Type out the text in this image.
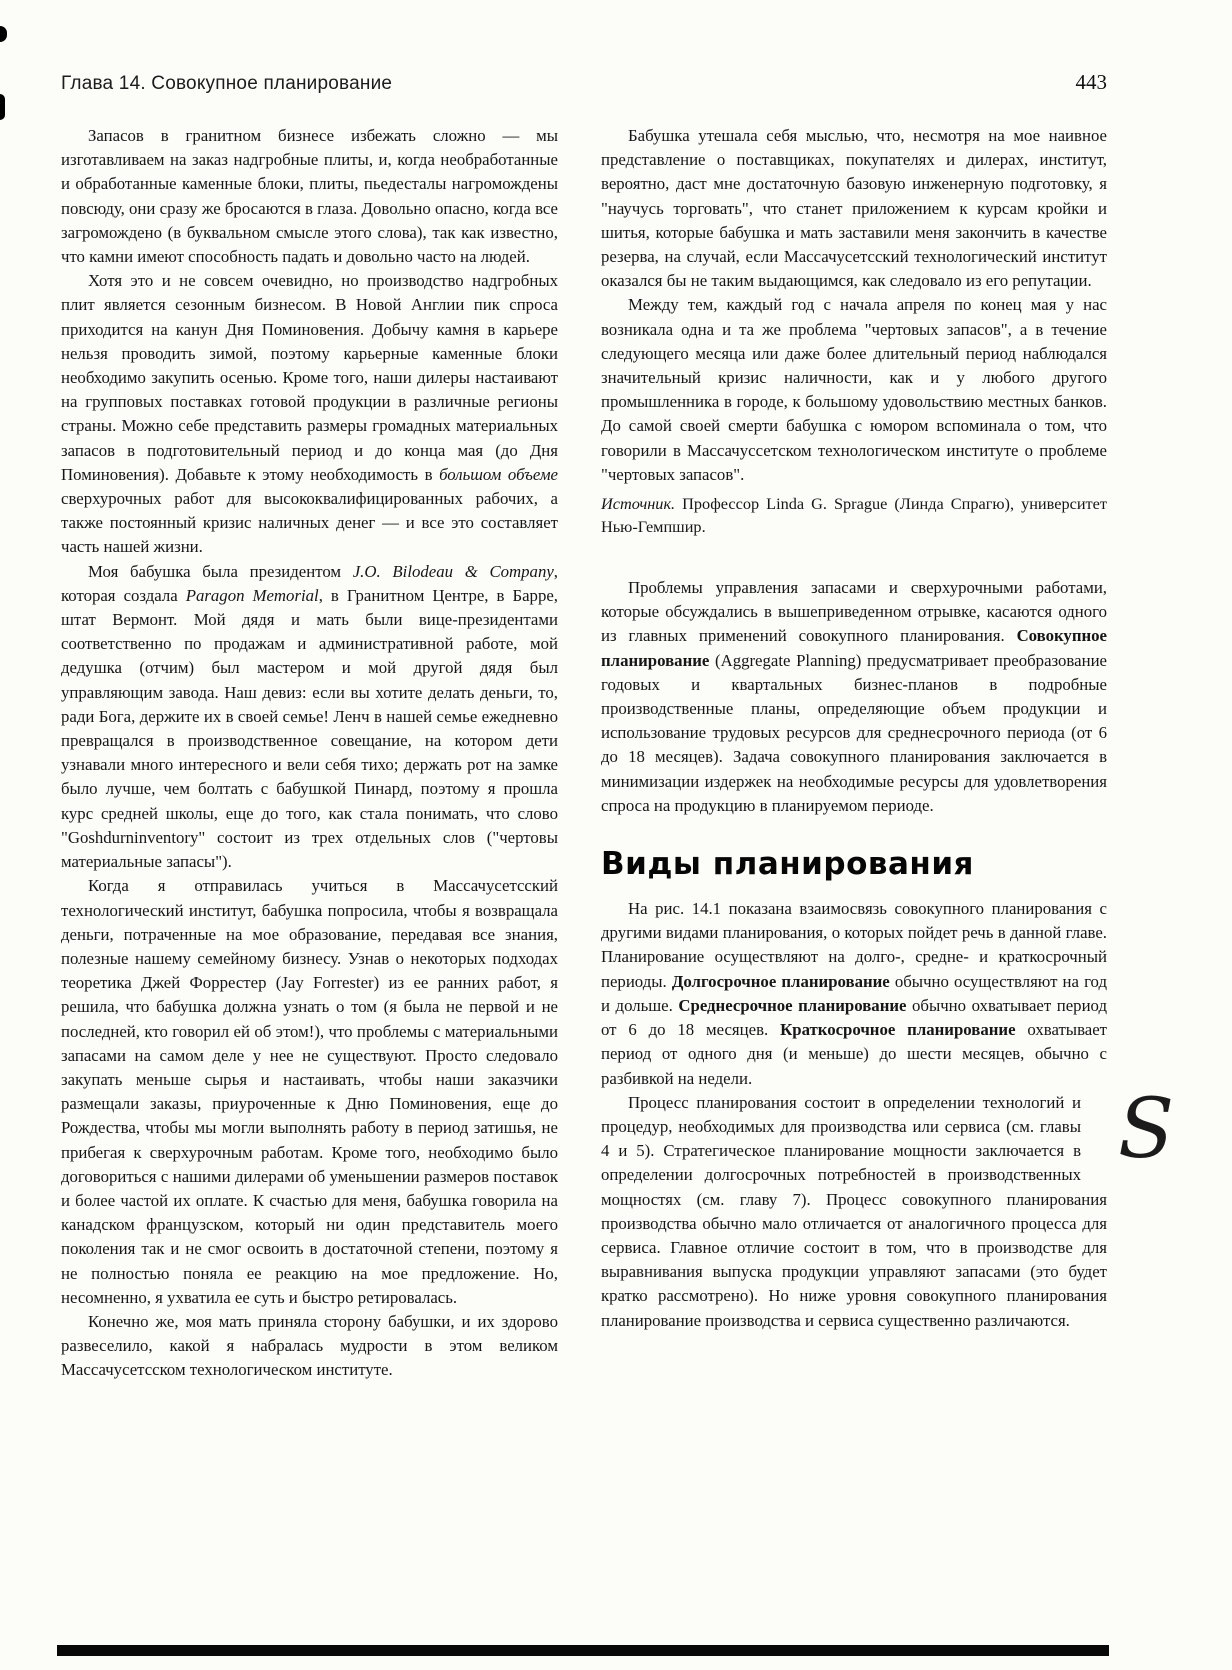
Глава 14. Совокупное планирование	443

Запасов в гранитном бизнесе избежать сложно — мы изготавливаем на заказ надгробные плиты, и, когда необработанные и обработанные каменные блоки, плиты, пьедесталы нагромождены повсюду, они сразу же бросаются в глаза. Довольно опасно, когда все загромождено (в буквальном смысле этого слова), так как известно, что камни имеют способность падать и довольно часто на людей.

Хотя это и не совсем очевидно, но производство надгробных плит является сезонным бизнесом. В Новой Англии пик спроса приходится на канун Дня Поминовения. Добычу камня в карьере нельзя проводить зимой, поэтому карьерные каменные блоки необходимо закупить осенью. Кроме того, наши дилеры настаивают на групповых поставках готовой продукции в различные регионы страны. Можно себе представить размеры громадных материальных запасов в подготовительный период и до конца мая (до Дня Поминовения). Добавьте к этому необходимость в большом объеме сверхурочных работ для высококвалифицированных рабочих, а также постоянный кризис наличных денег — и все это составляет часть нашей жизни.

Моя бабушка была президентом J.O. Bilodeau & Company, которая создала Paragon Memorial, в Гранитном Центре, в Барре, штат Вермонт. Мой дядя и мать были вице-президентами соответственно по продажам и административной работе, мой дедушка (отчим) был мастером и мой другой дядя был управляющим завода. Наш девиз: если вы хотите делать деньги, то, ради Бога, держите их в своей семье! Ленч в нашей семье ежедневно превращался в производственное совещание, на котором дети узнавали много интересного и вели себя тихо; держать рот на замке было лучше, чем болтать с бабушкой Пинард, поэтому я прошла курс средней школы, еще до того, как стала понимать, что слово "Goshdurninventory" состоит из трех отдельных слов ("чертовы материальные запасы").

Когда я отправилась учиться в Массачусетсский технологический институт, бабушка попросила, чтобы я возвращала деньги, потраченные на мое образование, передавая все знания, полезные нашему семейному бизнесу. Узнав о некоторых подходах теоретика Джей Форрестер (Jay Forrester) из ее ранних работ, я решила, что бабушка должна узнать о том (я была не первой и не последней, кто говорил ей об этом!), что проблемы с материальными запасами на самом деле у нее не существуют. Просто следовало закупать меньше сырья и настаивать, чтобы наши заказчики размещали заказы, приуроченные к Дню Поминовения, еще до Рождества, чтобы мы могли выполнять работу в период затишья, не прибегая к сверхурочным работам. Кроме того, необходимо было договориться с нашими дилерами об уменьшении размеров поставок и более частой их оплате. К счастью для меня, бабушка говорила на канадском французском, который ни один представитель моего поколения так и не смог освоить в достаточной степени, поэтому я не полностью поняла ее реакцию на мое предложение. Но, несомненно, я ухватила ее суть и быстро ретировалась.

Конечно же, моя мать приняла сторону бабушки, и их здорово развеселило, какой я набралась мудрости в этом великом Массачусетсском технологическом институте.

Бабушка утешала себя мыслью, что, несмотря на мое наивное представление о поставщиках, покупателях и дилерах, институт, вероятно, даст мне достаточную базовую инженерную подготовку, я "научусь торговать", что станет приложением к курсам кройки и шитья, которые бабушка и мать заставили меня закончить в качестве резерва, на случай, если Массачусетсский технологический институт оказался бы не таким выдающимся, как следовало из его репутации.

Между тем, каждый год с начала апреля по конец мая у нас возникала одна и та же проблема "чертовых запасов", а в течение следующего месяца или даже более длительный период наблюдался значительный кризис наличности, как и у любого другого промышленника в городе, к большому удовольствию местных банков. До самой своей смерти бабушка с юмором вспоминала о том, что говорили в Массачуссетском технологическом институте о проблеме "чертовых запасов".

Источник. Профессор Linda G. Sprague (Линда Спрагю), университет Нью-Гемпшир.

Проблемы управления запасами и сверхурочными работами, которые обсуждались в вышеприведенном отрывке, касаются одного из главных применений совокупного планирования. Совокупное планирование (Aggregate Planning) предусматривает преобразование годовых и квартальных бизнес-планов в подробные производственные планы, определяющие объем продукции и использование трудовых ресурсов для среднесрочного периода (от 6 до 18 месяцев). Задача совокупного планирования заключается в минимизации издержек на необходимые ресурсы для удовлетворения спроса на продукцию в планируемом периоде.

Виды планирования

На рис. 14.1 показана взаимосвязь совокупного планирования с другими видами планирования, о которых пойдет речь в данной главе. Планирование осуществляют на долго-, средне- и краткосрочный периоды. Долгосрочное планирование обычно осуществляют на год и дольше. Среднесрочное планирование обычно охватывает период от 6 до 18 месяцев. Краткосрочное планирование охватывает период от одного дня (и меньше) до шести месяцев, обычно с разбивкой на недели.

S
Процесс планирования состоит в определении технологий и процедур, необходимых для производства или сервиса (см. главы 4 и 5). Стратегическое планирование мощности заключается в определении долгосрочных потребностей в производственных мощностях (см. главу 7). Процесс совокупного планирования производства обычно мало отличается от аналогичного процесса для сервиса. Главное отличие состоит в том, что в производстве для выравнивания выпуска продукции управляют запасами (это будет кратко рассмотрено). Но ниже уровня совокупного планирования планирование производства и сервиса существенно различаются.
